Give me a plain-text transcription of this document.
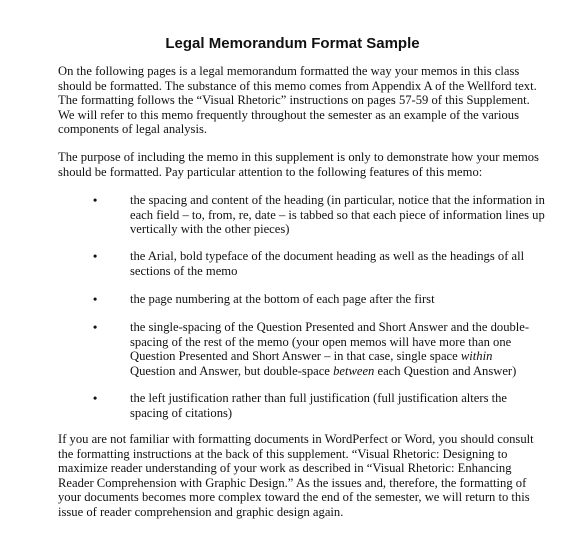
Legal Memorandum Format Sample
On the following pages is a legal memorandum formatted the way your memos in this class
should be formatted. The substance of this memo comes from Appendix A of the Wellford text.
The formatting follows the “Visual Rhetoric” instructions on pages 57-59 of this Supplement.
We will refer to this memo frequently throughout the semester as an example of the various
components of legal analysis.
The purpose of including the memo in this supplement is only to demonstrate how your memos
should be formatted. Pay particular attention to the following features of this memo:
•	the spacing and content of the heading (in particular, notice that the information in
each field – to, from, re, date – is tabbed so that each piece of information lines up
vertically with the other pieces)
•	the Arial, bold typeface of the document heading as well as the headings of all
sections of the memo
•	the page numbering at the bottom of each page after the first
•	the single-spacing of the Question Presented and Short Answer and the double-
spacing of the rest of the memo (your open memos will have more than one
Question Presented and Short Answer – in that case, single space within
Question and Answer, but double-space between each Question and Answer)
•	the left justification rather than full justification (full justification alters the
spacing of citations)
If you are not familiar with formatting documents in WordPerfect or Word, you should consult
the formatting instructions at the back of this supplement. “Visual Rhetoric: Designing to
maximize reader understanding of your work as described in “Visual Rhetoric: Enhancing
Reader Comprehension with Graphic Design.” As the issues and, therefore, the formatting of
your documents becomes more complex toward the end of the semester, we will return to this
issue of reader comprehension and graphic design again.
